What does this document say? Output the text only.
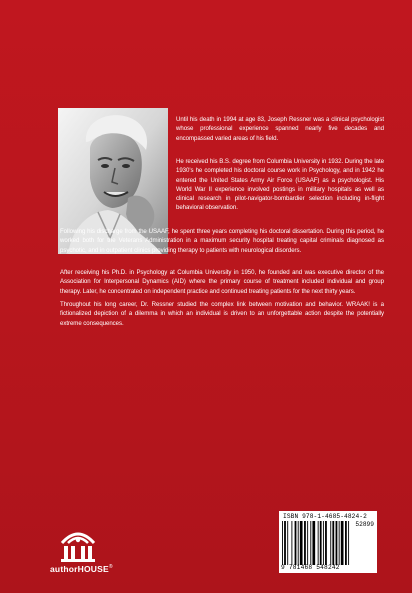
Until his death in 1994 at age 83, Joseph Ressner was a clinical psychologist whose professional experience spanned nearly five decades and encompassed varied areas of his field.

He received his B.S. degree from Columbia University in 1932. During the late 1930's he completed his doctoral course work in Psychology, and in 1942 he entered the United States Army Air Force (USAAF) as a psychologist. His World War II experience involved postings in military hospitals as well as clinical research in pilot-navigator-bombardier selection including in-flight behavioral observation.

Following his discharge from the USAAF, he spent three years completing his doctoral dissertation. During this period, he worked both for the Veterans Administration in a maximum security hospital treating capital criminals diagnosed as psychotic, and in outpatient clinics providing therapy to patients with neurological disorders.

After receiving his Ph.D. in Psychology at Columbia University in 1950, he founded and was executive director of the Association for Interpersonal Dynamics (AID) where the primary course of treatment included individual and group therapy. Later, he concentrated on independent practice and continued treating patients for the next thirty years.

Throughout his long career, Dr. Ressner studied the complex link between motivation and behavior. WRAAK! is a fictionalized depiction of a dilemma in which an individual is driven to an unforgettable action despite the potentially extreme consequences.

authorHOUSE®
ISBN 978-1-4685-4824-2
52899
9 781468 548242
